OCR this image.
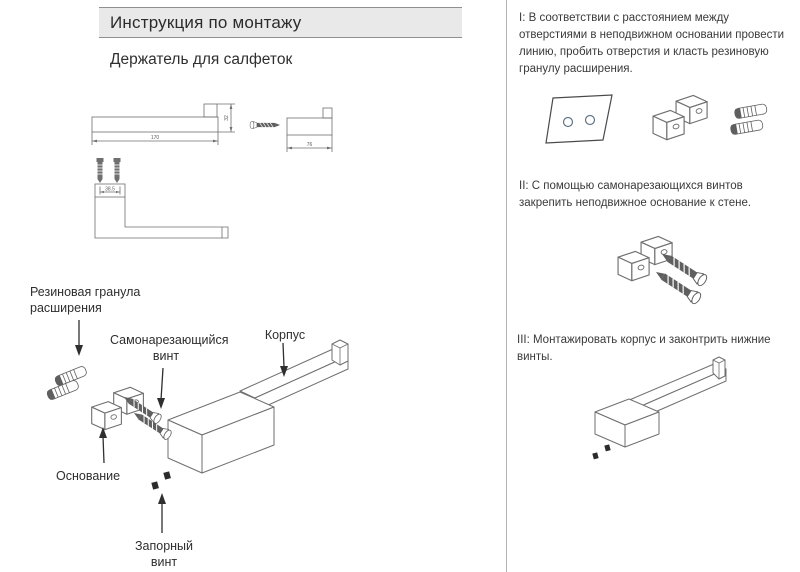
Инструкция по монтажу
Держатель для салфеток
170
32
76
38.5
Резиновая гранула расширения
Самонарезающийся винт
Корпус
Основание
Запорный винт
I: В соответствии с расстоянием между отверстиями в неподвижном основании провести линию, пробить отверстия и класть резиновую гранулу расширения.
II: С помощью самонарезающихся винтов закрепить неподвижное основание к стене.
III: Монтажировать корпус и законтрить нижние винты.
